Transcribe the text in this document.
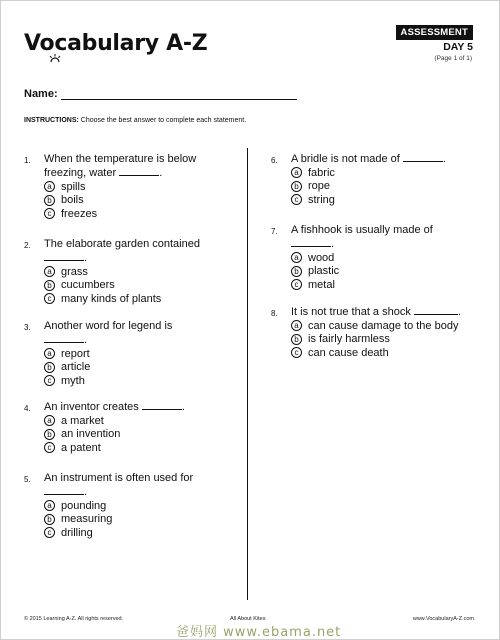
Vocabulary A-Z	ASSESSMENT
DAY 5
(Page 1 of 1)
Name:
INSTRUCTIONS: Choose the best answer to complete each statement.
1.	When the temperature is below
freezing, water	.
a spills
b boils
c freezes
2.	The elaborate garden contained
.
a grass
b cucumbers
c many kinds of plants
3.	Another word for legend is
.
a report
b article
c myth
4.	An inventor creates	.
a a market
b an invention
c a patent
5.	An instrument is often used for
.
a pounding
b measuring
c drilling
6.	A bridle is not made of	.
a fabric
b rope
c string
7.	A fishhook is usually made of
.
a wood
b plastic
c metal
8.	It is not true that a shock	.
a can cause damage to the body
b is fairly harmless
c can cause death
© 2015 Learning A-Z. All rights reserved.	All About Kites	www.VocabularyA-Z.com
爸妈网 www.ebama.net
